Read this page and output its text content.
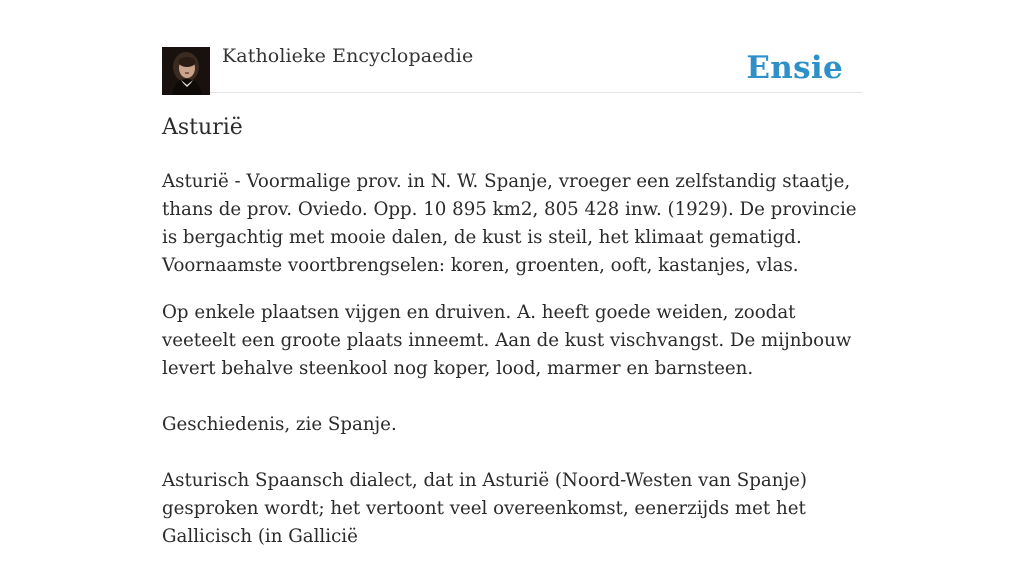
Katholieke Encyclopaedie	Ensie
Asturië

Asturië - Voormalige prov. in N. W. Spanje, vroeger een zelfstandig staatje, thans de prov. Oviedo. Opp. 10 895 km2, 805 428 inw. (1929). De provincie is bergachtig met mooie dalen, de kust is steil, het klimaat gematigd. Voornaamste voortbrengselen: koren, groenten, ooft, kastanjes, vlas.

Op enkele plaatsen vijgen en druiven. A. heeft goede weiden, zoodat veeteelt een groote plaats inneemt. Aan de kust vischvangst. De mijnbouw levert behalve steenkool nog koper, lood, marmer en barnsteen.

Geschiedenis, zie Spanje.

Asturisch Spaansch dialect, dat in Asturië (Noord-Westen van Spanje) gesproken wordt; het vertoont veel overeenkomst, eenerzijds met het Gallicisch (in Gallicië
